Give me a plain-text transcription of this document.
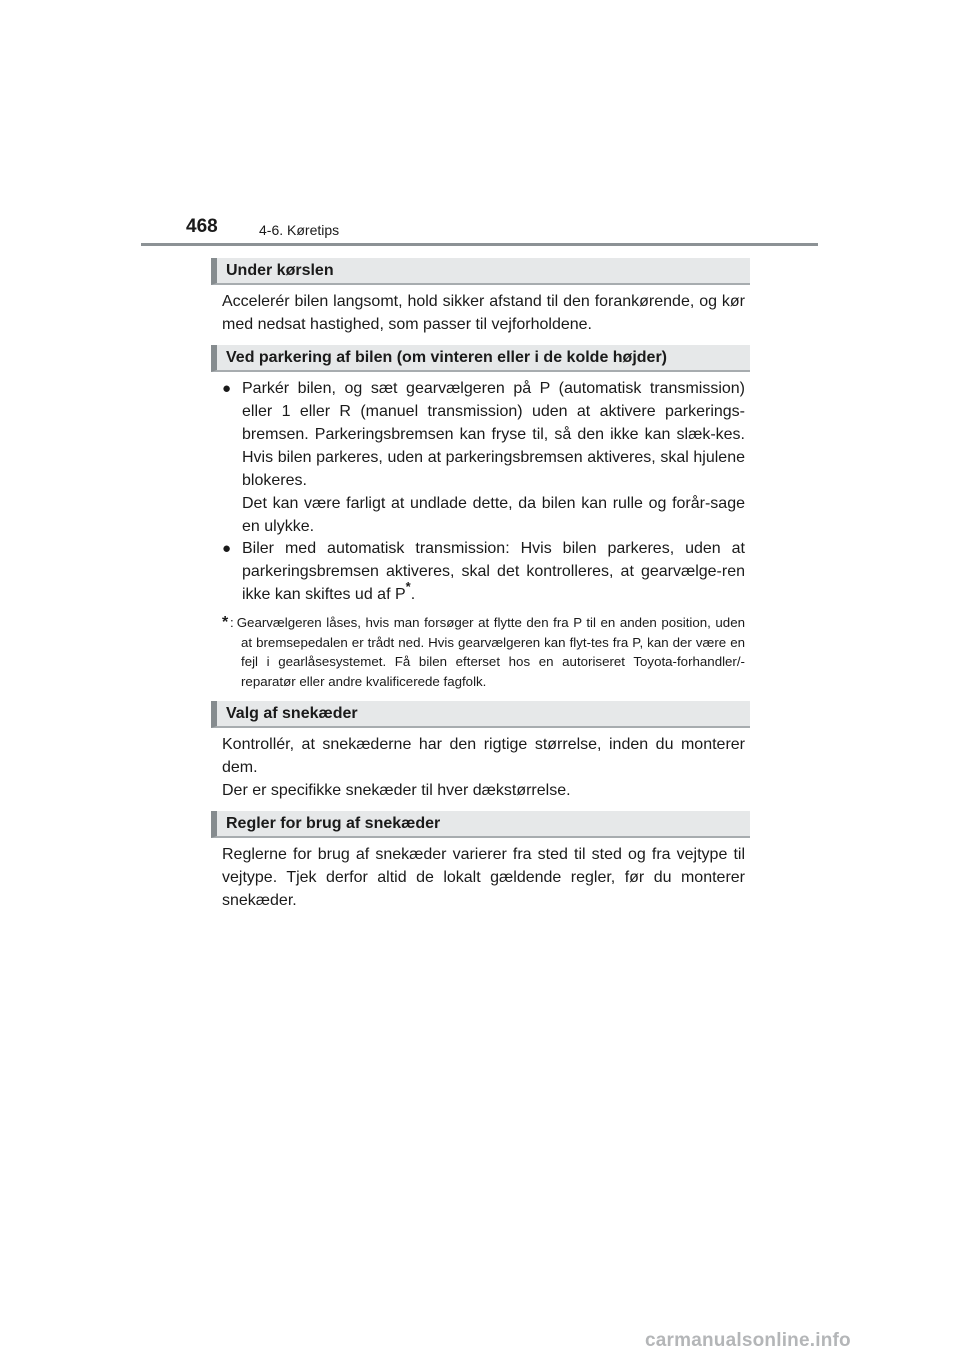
468	4-6. Køretips
Under kørslen
Accelerér bilen langsomt, hold sikker afstand til den forankørende, og kør med nedsat hastighed, som passer til vejforholdene.
Ved parkering af bilen (om vinteren eller i de kolde højder)
● Parkér bilen, og sæt gearvælgeren på P (automatisk transmission) eller 1 eller R (manuel transmission) uden at aktivere parkerings-bremsen. Parkeringsbremsen kan fryse til, så den ikke kan slæk-kes. Hvis bilen parkeres, uden at parkeringsbremsen aktiveres, skal hjulene blokeres.

Det kan være farligt at undlade dette, da bilen kan rulle og forår-sage en ulykke.

● Biler med automatisk transmission: Hvis bilen parkeres, uden at parkeringsbremsen aktiveres, skal det kontrolleres, at gearvælge-ren ikke kan skiftes ud af P*.
* : Gearvælgeren låses, hvis man forsøger at flytte den fra P til en anden position, uden at bremsepedalen er trådt ned. Hvis gearvælgeren kan flyt-tes fra P, kan der være en fejl i gearlåsesystemet. Få bilen efterset hos en autoriseret Toyota-forhandler/-reparatør eller andre kvalificerede fagfolk.
Valg af snekæder
Kontrollér, at snekæderne har den rigtige størrelse, inden du monterer dem.
Der er specifikke snekæder til hver dækstørrelse.
Regler for brug af snekæder
Reglerne for brug af snekæder varierer fra sted til sted og fra vejtype til vejtype. Tjek derfor altid de lokalt gældende regler, før du monterer snekæder.
carmanualsonline.info
